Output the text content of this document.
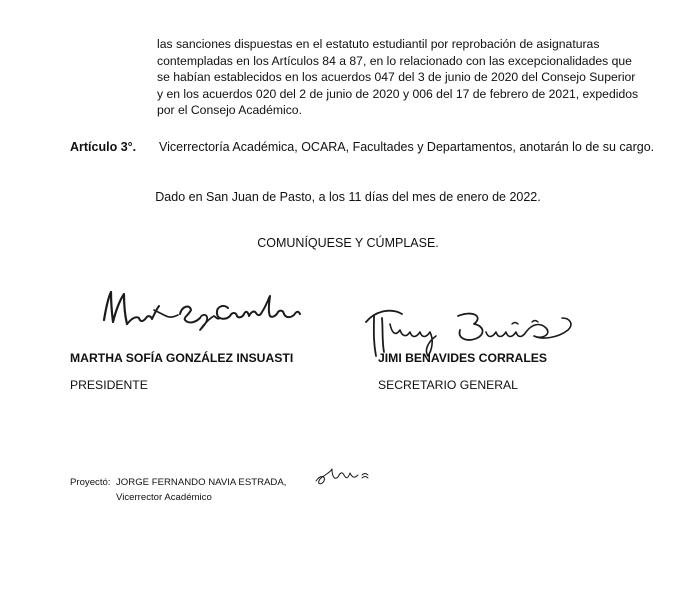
las sanciones dispuestas en el estatuto estudiantil por reprobación de asignaturas
contempladas en los Artículos 84 a 87, en lo relacionado con las excepcionalidades que
se habían establecidos en los acuerdos 047 del 3 de junio de 2020 del Consejo Superior
y en los acuerdos 020 del 2 de junio de 2020 y 006 del 17 de febrero de 2021, expedidos
por el Consejo Académico.
Artículo 3°. Vicerrectoría Académica, OCARA, Facultades y Departamentos, anotarán lo de su cargo.
Dado en San Juan de Pasto, a los 11 días del mes de enero de 2022.
COMUNÍQUESE Y CÚMPLASE.
MARTHA SOFÍA GONZÁLEZ INSUASTI
PRESIDENTE
JIMI BENAVIDES CORRALES
SECRETARIO GENERAL
Proyectó: JORGE FERNANDO NAVIA ESTRADA,
Vicerrector Académico
